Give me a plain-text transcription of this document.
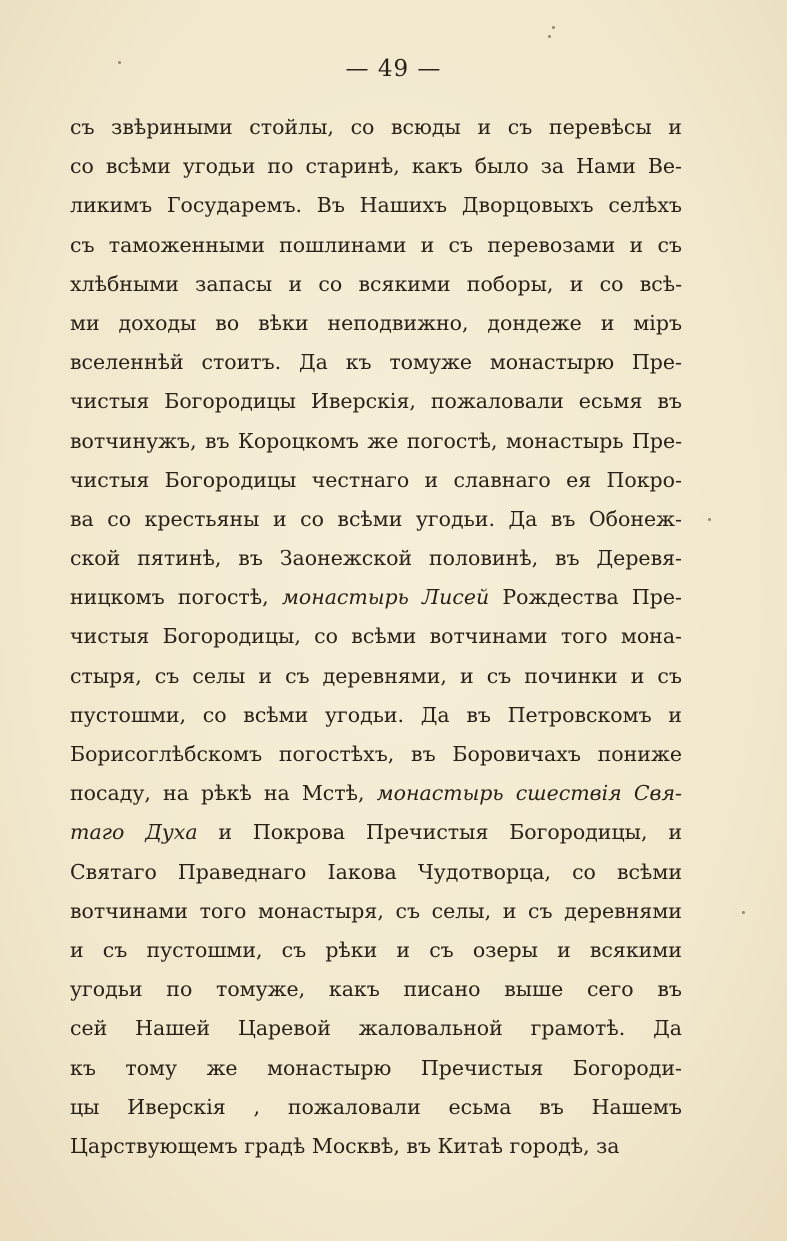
— 49 —
съ звѣриными стойлы, со всюды и съ перевѣсы и
со всѣми угодьи по старинѣ, какъ было за Нами Ве-
ликимъ Государемъ. Въ Нашихъ Дворцовыхъ селѣхъ
съ таможенными пошлинами и съ перевозами и съ
хлѣбными запасы и со всякими поборы, и со всѣ-
ми доходы во вѣки неподвижно, дондеже и міръ
вселеннѣй стоитъ. Да къ томуже монастырю Пре-
чистыя Богородицы Иверскія, пожаловали есьмя въ
вотчинужъ, въ Короцкомъ же погостѣ, монастырь Пре-
чистыя Богородицы честнаго и славнаго ея Покро-
ва со крестьяны и со всѣми угодьи. Да въ Обонеж-
ской пятинѣ, въ Заонежской половинѣ, въ Деревя-
ницкомъ погостѣ, монастырь Лисей Рождества Пре-
чистыя Богородицы, со всѣми вотчинами того мона-
стыря, съ селы и съ деревнями, и съ починки и съ
пустошми, со всѣми угодьи. Да въ Петровскомъ и
Борисоглѣбскомъ погостѣхъ, въ Боровичахъ пониже
посаду, на рѣкѣ на Мстѣ, монастырь сшествія Свя-
таго Духа и Покрова Пречистыя Богородицы, и
Святаго Праведнаго Іакова Чудотворца, со всѣми
вотчинами того монастыря, съ селы, и съ деревнями
и съ пустошми, съ рѣки и съ озеры и всякими
угодьи по томуже, какъ писано выше сего въ
сей Нашей Царевой жаловальной грамотѣ. Да
къ тому же монастырю Пречистыя Богороди-
цы Иверскія , пожаловали есьма въ Нашемъ
Царствующемъ
градѣ
Москвѣ,
въ
Китаѣ
городѣ,
за
